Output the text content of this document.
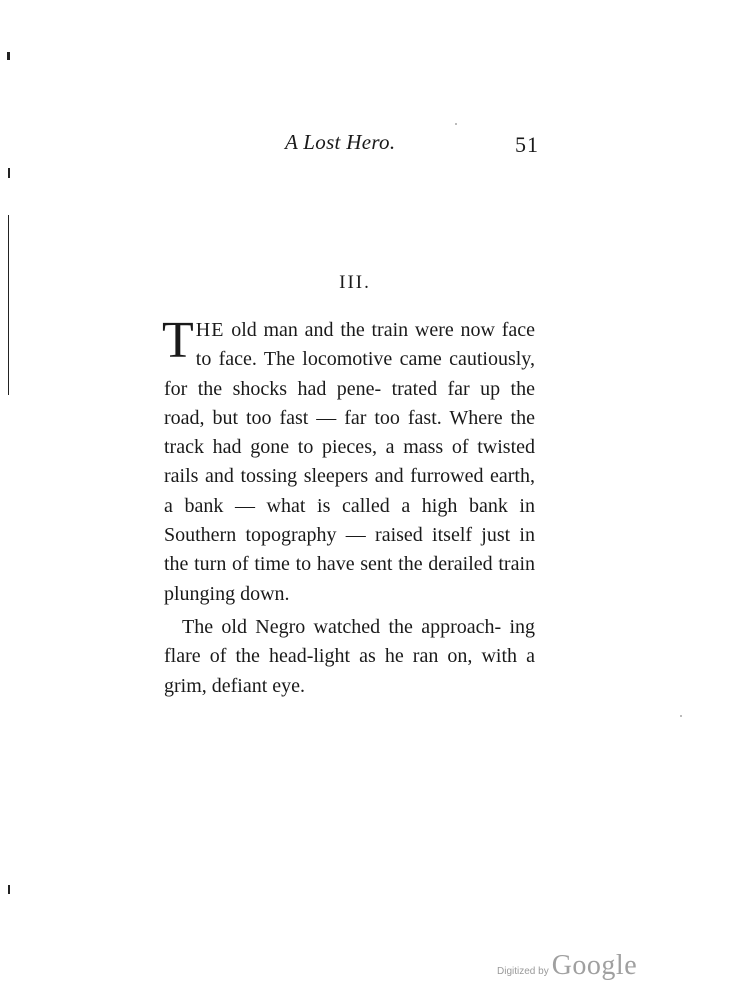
A Lost Hero.	51
III.

THE old man and the train were now face to face. The locomotive came cautiously, for the shocks had pene- trated far up the road, but too fast — far too fast. Where the track had gone to pieces, a mass of twisted rails and tossing sleepers and furrowed earth, a bank — what is called a high bank in Southern topography — raised itself just in the turn of time to have sent the derailed train plunging down.

The old Negro watched the approach- ing flare of the head-light as he ran on, with a grim, defiant eye.

Digitized by Google
